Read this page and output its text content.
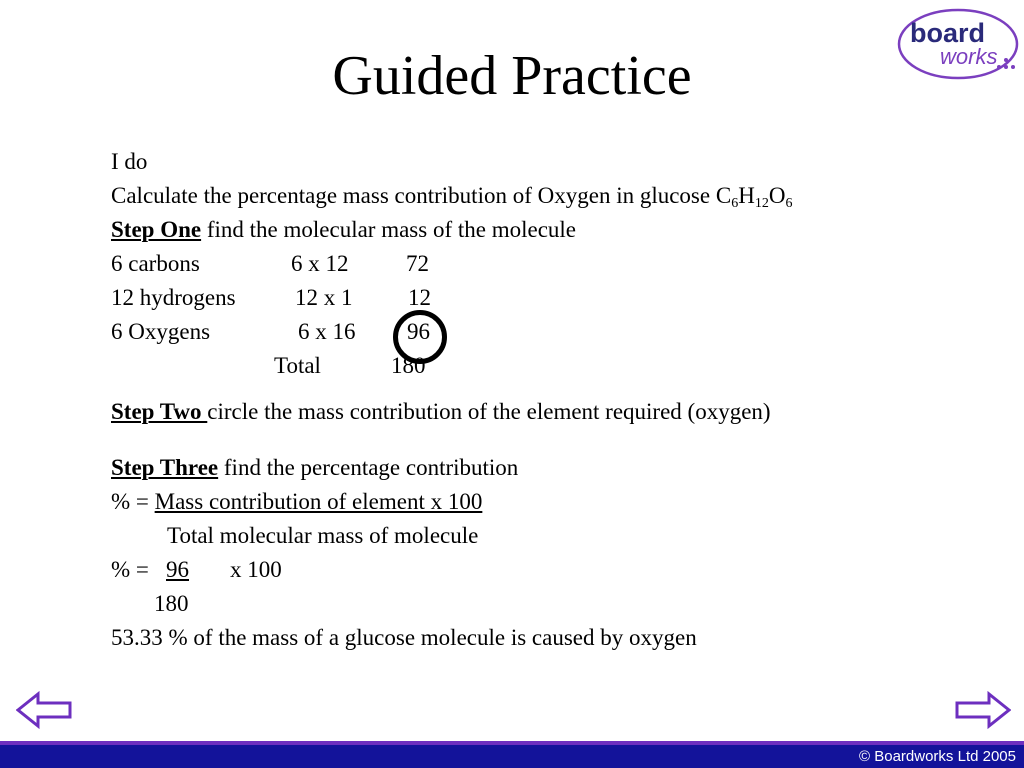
Guided Practice
board
works
I do
Calculate the percentage mass contribution of Oxygen in glucose $C_6H_{12}O_6$
Step One find the molecular mass of the molecule
6 carbons	6 x 12	72
12 hydrogens	12 x 1 12
6 Oxygens	6 x 16 96
Total	180
Step Two circle the mass contribution of the element required (oxygen)
Step Three find the percentage contribution
% = Mass contribution of element x 100
Total molecular mass of molecule
% = 96 x 100
180
53.33 % of the mass of a glucose molecule is caused by oxygen
© Boardworks Ltd 2005
